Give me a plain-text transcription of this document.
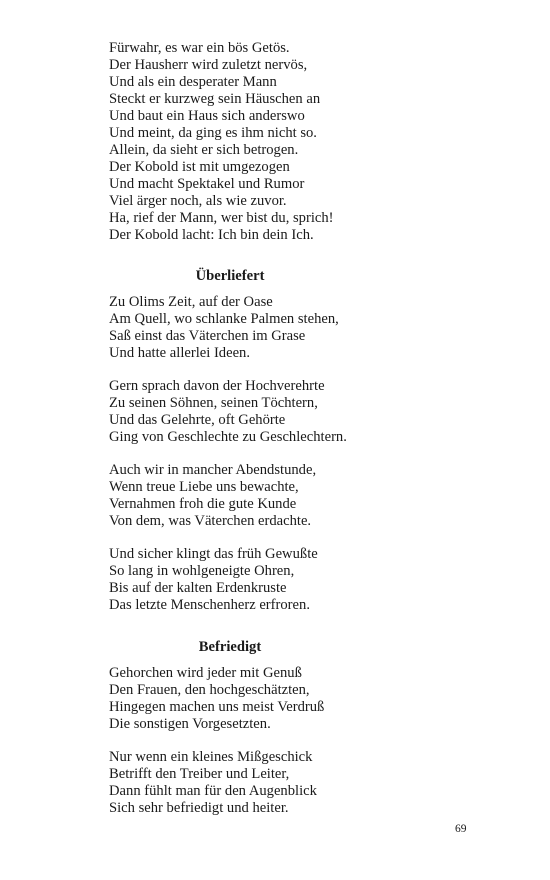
Fürwahr, es war ein bös Getös.
Der Hausherr wird zuletzt nervös,
Und als ein desperater Mann
Steckt er kurzweg sein Häuschen an
Und baut ein Haus sich anderswo
Und meint, da ging es ihm nicht so.
Allein, da sieht er sich betrogen.
Der Kobold ist mit umgezogen
Und macht Spektakel und Rumor
Viel ärger noch, als wie zuvor.
Ha, rief der Mann, wer bist du, sprich!
Der Kobold lacht: Ich bin dein Ich.
Überliefert
Zu Olims Zeit, auf der Oase
Am Quell, wo schlanke Palmen stehen,
Saß einst das Väterchen im Grase
Und hatte allerlei Ideen.
Gern sprach davon der Hochverehrte
Zu seinen Söhnen, seinen Töchtern,
Und das Gelehrte, oft Gehörte
Ging von Geschlechte zu Geschlechtern.
Auch wir in mancher Abendstunde,
Wenn treue Liebe uns bewachte,
Vernahmen froh die gute Kunde
Von dem, was Väterchen erdachte.
Und sicher klingt das früh Gewußte
So lang in wohlgeneigte Ohren,
Bis auf der kalten Erdenkruste
Das letzte Menschenherz erfroren.
Befriedigt
Gehorchen wird jeder mit Genuß
Den Frauen, den hochgeschätzten,
Hingegen machen uns meist Verdruß
Die sonstigen Vorgesetzten.
Nur wenn ein kleines Mißgeschick
Betrifft den Treiber und Leiter,
Dann fühlt man für den Augenblick
Sich sehr befriedigt und heiter.
69
